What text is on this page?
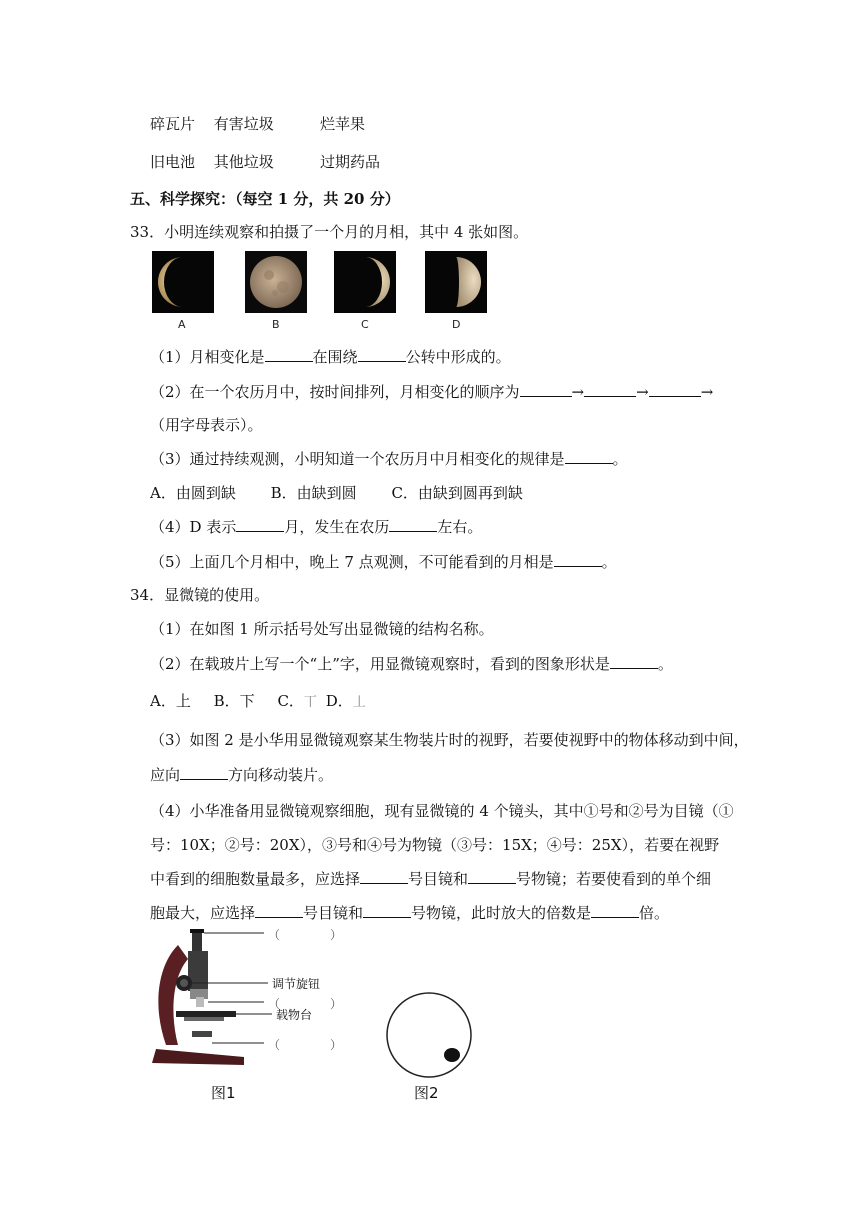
碎瓦片 有害垃圾	烂苹果
旧电池 其他垃圾	过期药品
五、科学探究：（每空 1 分，共 20 分）
33．小明连续观察和拍摄了一个月的月相，其中 4 张如图。
A	B	C	D
（1）月相变化是	在围绕	公转中形成的。
（2）在一个农历月中，按时间排列，月相变化的顺序为	→	→	→
（用字母表示）。
（3）通过持续观测，小明知道一个农历月中月相变化的规律是	。
A．由圆到缺 B．由缺到圆 C．由缺到圆再到缺
（4）D 表示	月，发生在农历	左右。
（5）上面几个月相中，晚上 7 点观测，不可能看到的月相是	。
34．显微镜的使用。
（1）在如图 1 所示括号处写出显微镜的结构名称。
（2）在载玻片上写一个“上”字，用显微镜观察时，看到的图象形状是	。
A．上 B．下 C．丅 D．丄
（3）如图 2 是小华用显微镜观察某生物装片时的视野，若要使视野中的物体移动到中间，
应向	方向移动装片。
（4）小华准备用显微镜观察细胞，现有显微镜的 4 个镜头，其中①号和②号为目镜（①
号：10X；②号：20X），③号和④号为物镜（③号：15X；④号：25X），若要在视野
中看到的细胞数量最多，应选择	号目镜和	号物镜；若要使看到的单个细
胞最大，应选择	号目镜和	号物镜，此时放大的倍数是	倍。
（	）
调节旋钮
（	）
载物台
（	）
图1	图2
